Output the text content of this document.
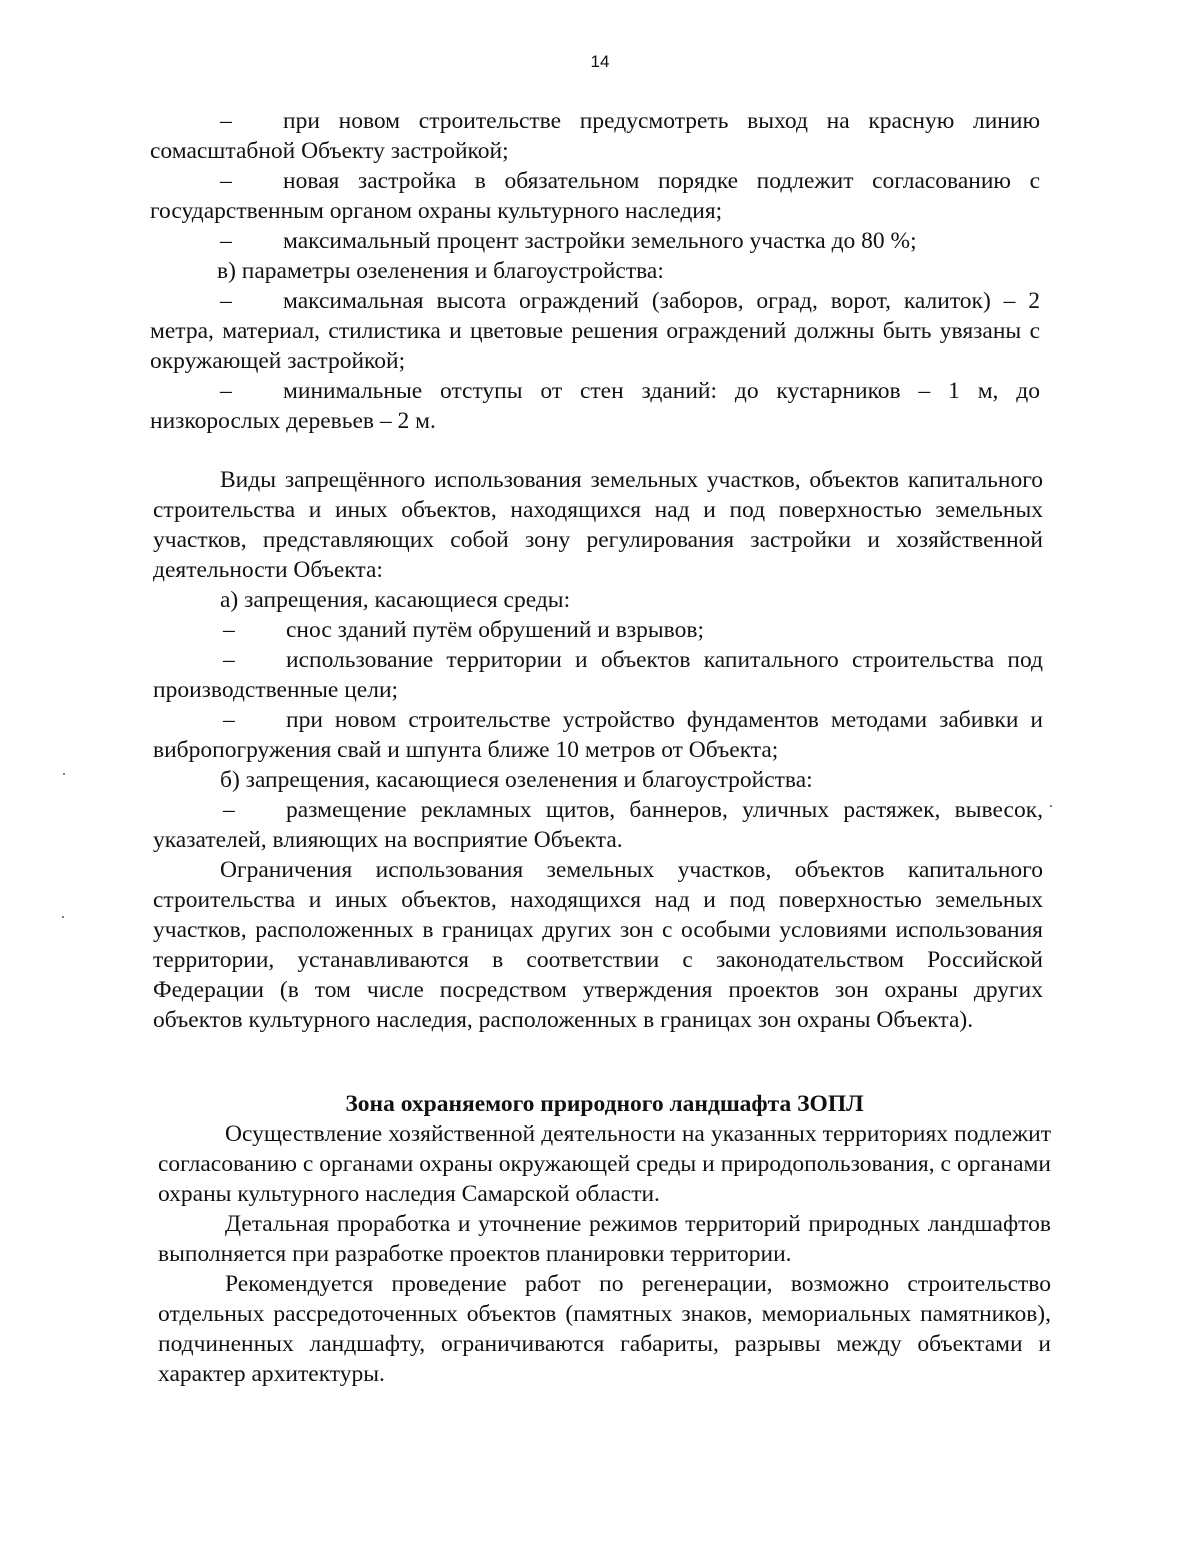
14

– при новом строительстве предусмотреть выход на красную линию сомасштабной Объекту застройкой;

– новая застройка в обязательном порядке подлежит согласованию с государственным органом охраны культурного наследия;

– максимальный процент застройки земельного участка до 80 %;

в) параметры озеленения и благоустройства:

– максимальная высота ограждений (заборов, оград, ворот, калиток) – 2 метра, материал, стилистика и цветовые решения ограждений должны быть увязаны с окружающей застройкой;

– минимальные отступы от стен зданий: до кустарников – 1 м, до низкорослых деревьев – 2 м.

Виды запрещённого использования земельных участков, объектов капитального строительства и иных объектов, находящихся над и под поверхностью земельных участков, представляющих собой зону регулирования застройки и хозяйственной деятельности Объекта:

а) запрещения, касающиеся среды:

– снос зданий путём обрушений и взрывов;

– использование территории и объектов капитального строительства под производственные цели;

– при новом строительстве устройство фундаментов методами забивки и вибропогружения свай и шпунта ближе 10 метров от Объекта;

б) запрещения, касающиеся озеленения и благоустройства:

– размещение рекламных щитов, баннеров, уличных растяжек, вывесок, указателей, влияющих на восприятие Объекта.

Ограничения использования земельных участков, объектов капитального строительства и иных объектов, находящихся над и под поверхностью земельных участков, расположенных в границах других зон с особыми условиями использования территории, устанавливаются в соответствии с законодательством Российской Федерации (в том числе посредством утверждения проектов зон охраны других объектов культурного наследия, расположенных в границах зон охраны Объекта).

Зона охраняемого природного ландшафта ЗОПЛ

Осуществление хозяйственной деятельности на указанных территориях подлежит согласованию с органами охраны окружающей среды и природопользования, с органами охраны культурного наследия Самарской области.

Детальная проработка и уточнение режимов территорий природных ландшафтов выполняется при разработке проектов планировки территории.

Рекомендуется проведение работ по регенерации, возможно строительство отдельных рассредоточенных объектов (памятных знаков, мемориальных памятников), подчиненных ландшафту, ограничиваются габариты, разрывы между объектами и характер архитектуры.
